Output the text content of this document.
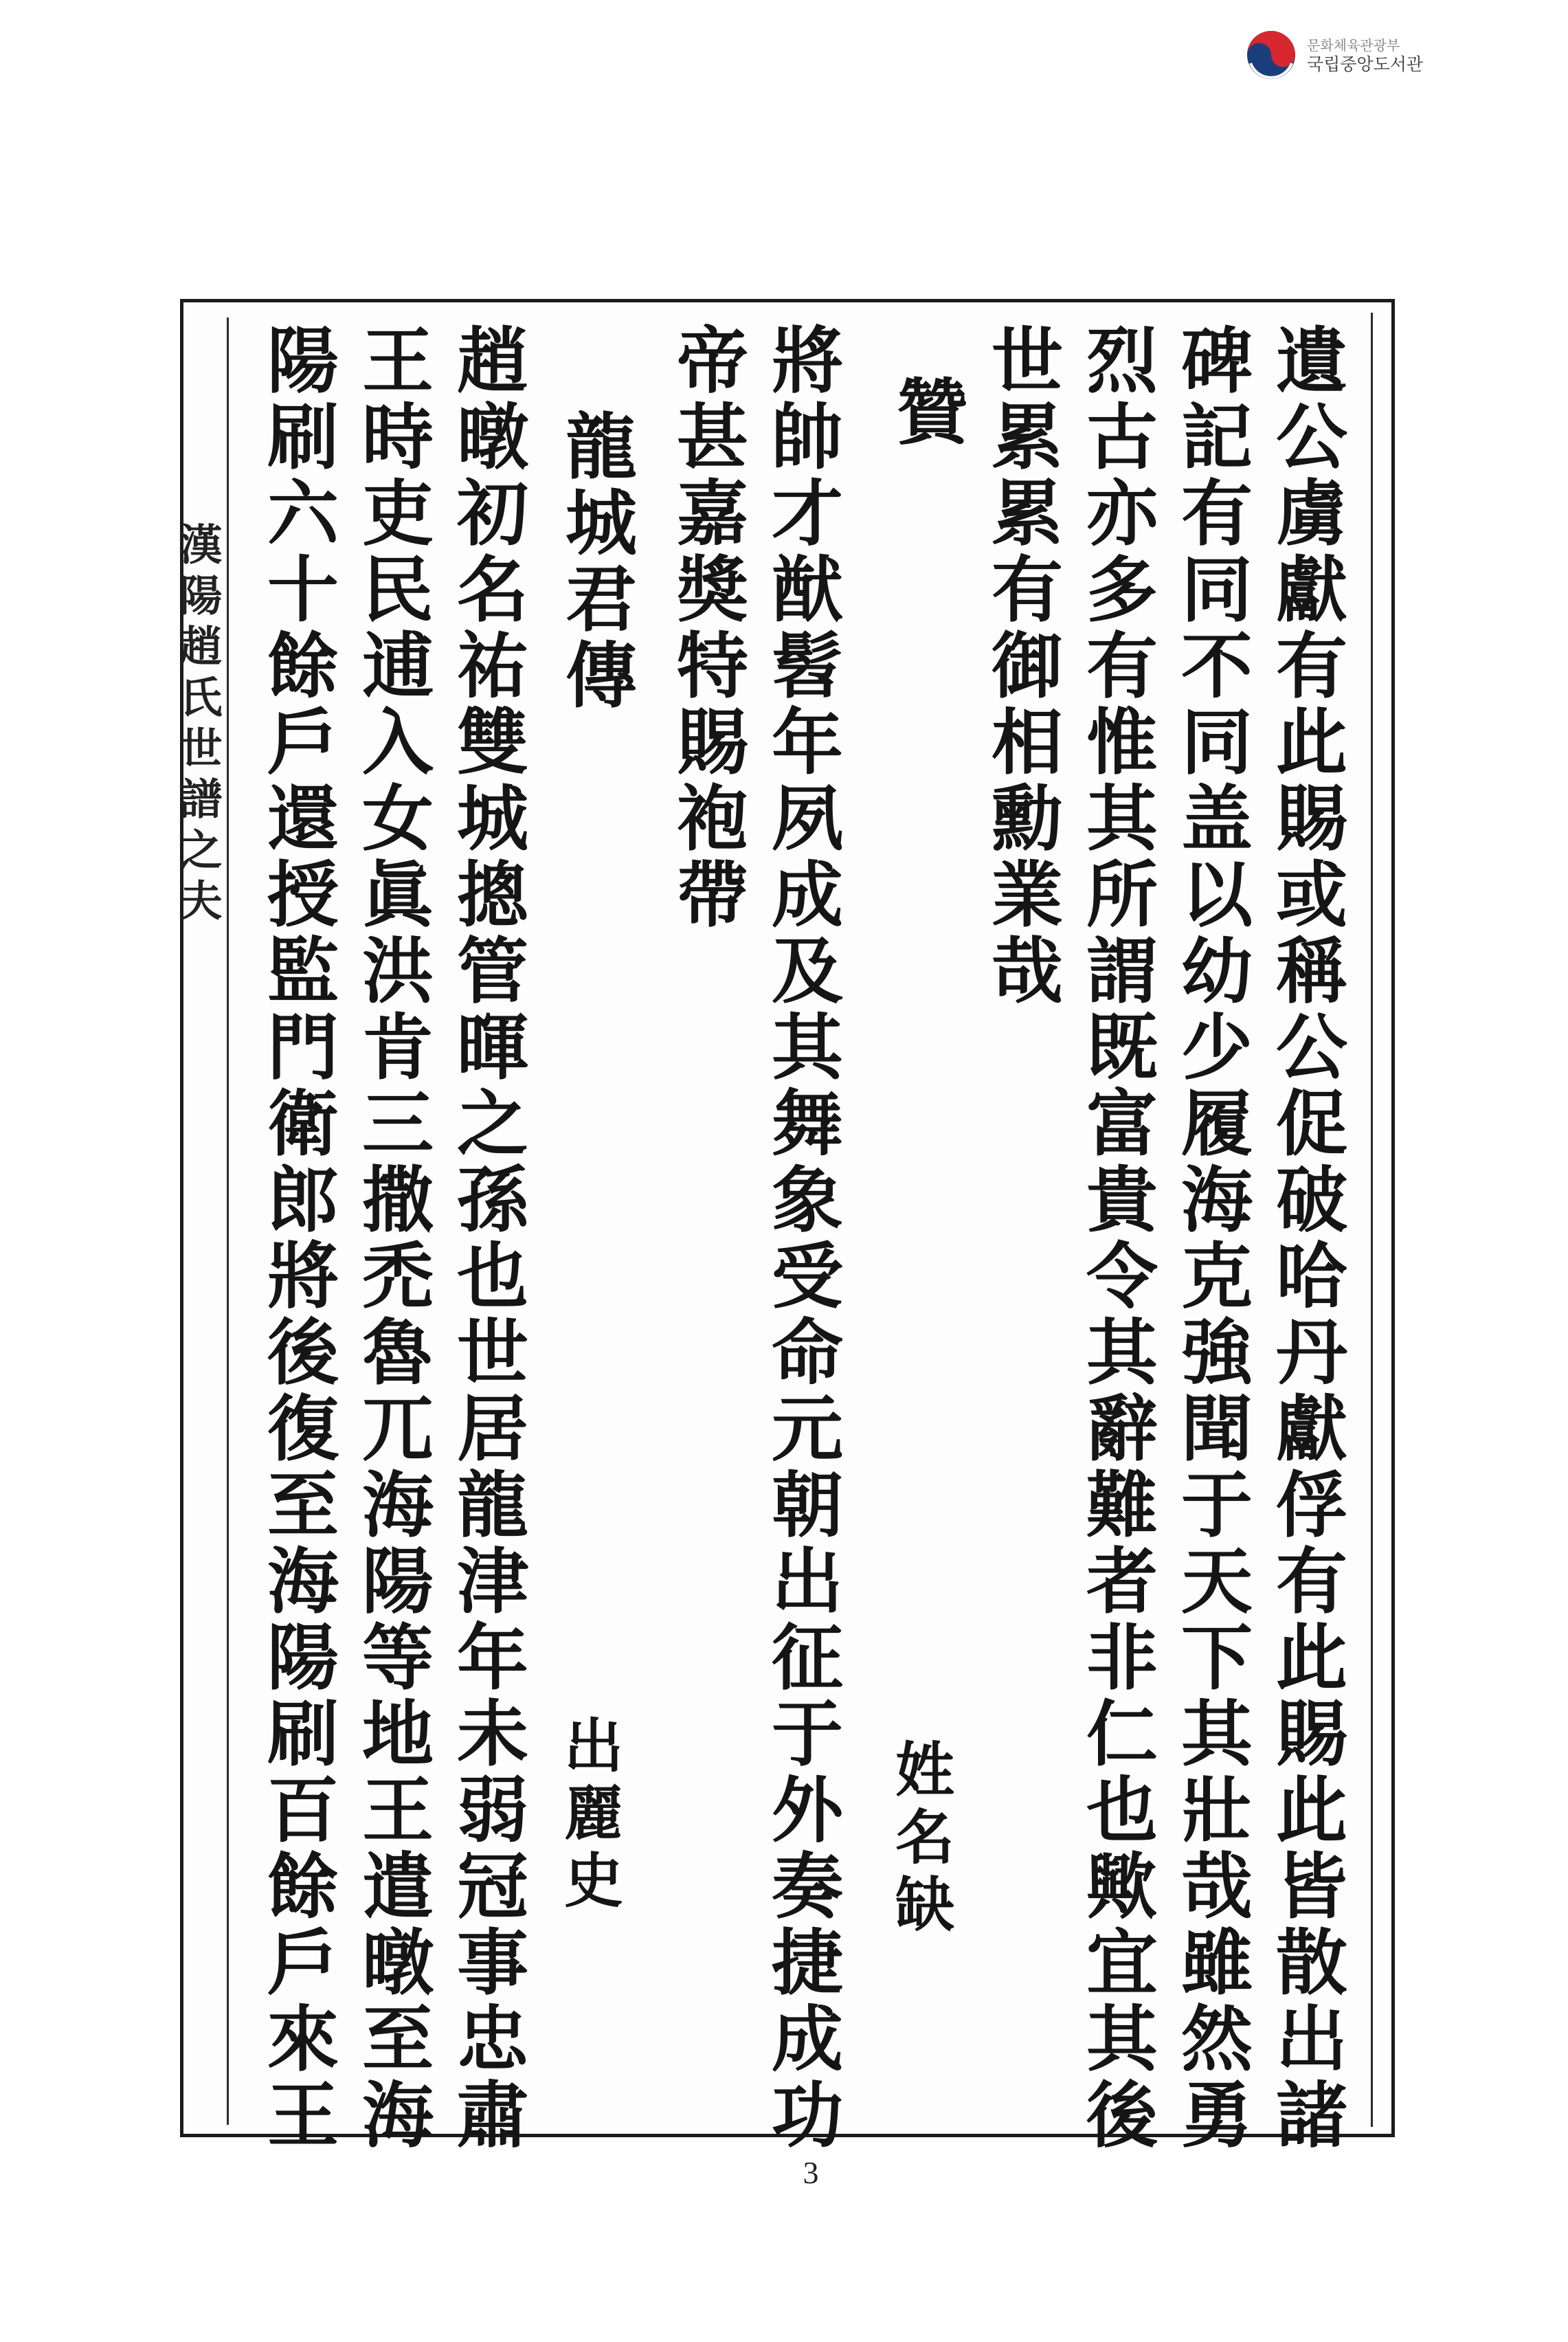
문화체육관광부
국립중앙도서관
遺公虜獻有此賜或稱公促破哈丹獻俘有此賜此皆散出諸
碑記有同不同盖以幼少履海克強聞于天下其壯哉雖然勇
烈古亦多有惟其所謂既富貴令其辭難者非仁也歟宜其後
世累累有御相勳業哉
贊
姓名缺
將帥才猷髫年夙成及其舞象受命元朝出征于外奏捷成功
帝甚嘉獎特賜袍帶
龍城君傳
出麗史
趙暾初名祐雙城摠管暉之孫也世居龍津年未弱冠事忠肅
王時吏民逋入女眞洪肯三撒禿魯兀海陽等地王遣暾至海
陽刷六十餘戶還授監門衛郎將後復至海陽刷百餘戶來王
漢陽趙氏世譜之夫
3
